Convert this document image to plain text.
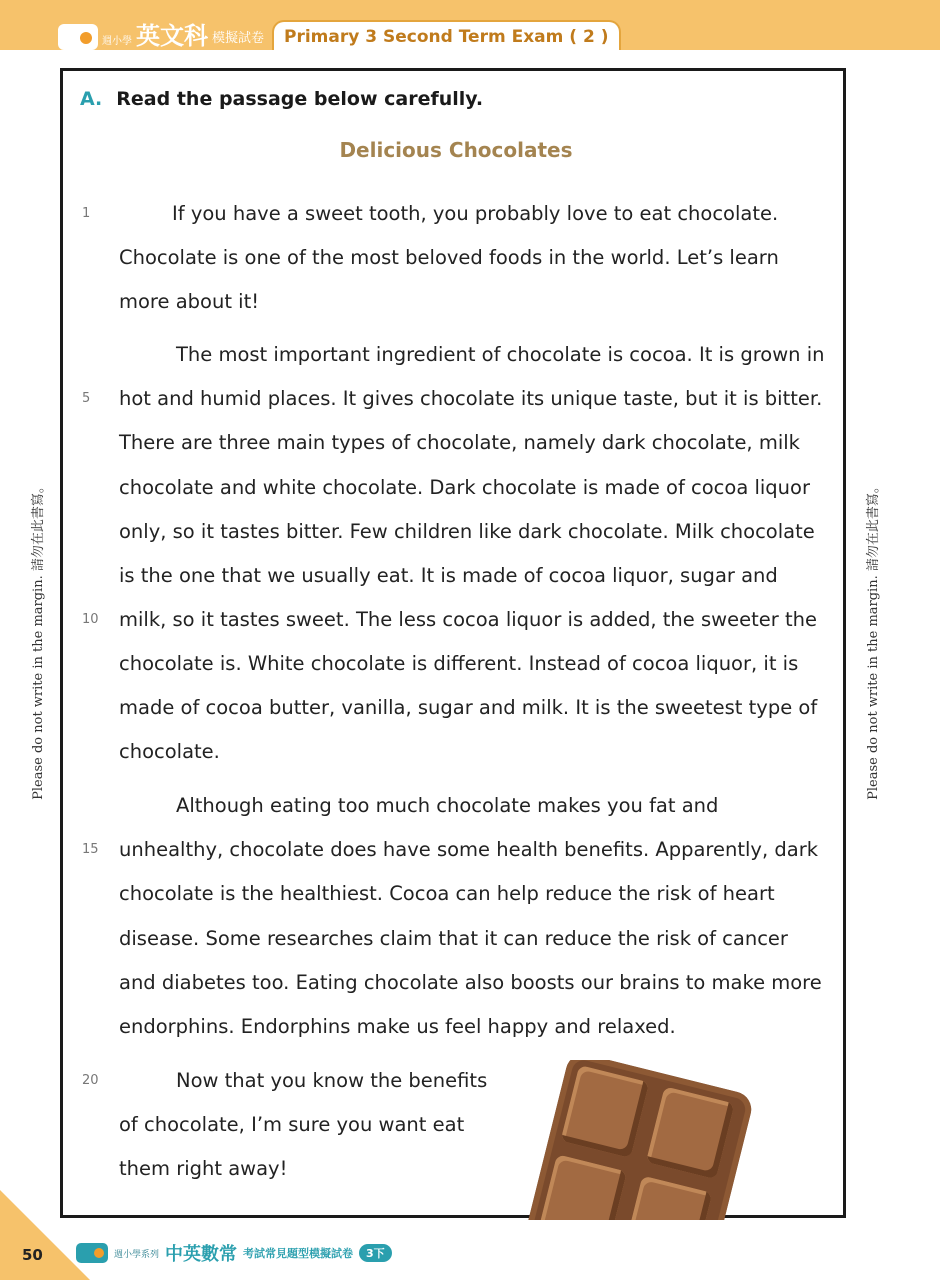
週小學 英文科 模擬試卷	Primary 3 Second Term Exam ( 2 )
Please do not write in the margin. 請勿在此書寫。	Please do not write in the margin. 請勿在此書寫。
A. Read the passage below carefully.
Delicious Chocolates
1
5
10
15
20
If you have a sweet tooth, you probably love to eat chocolate.
Chocolate is one of the most beloved foods in the world. Let’s learn
more about it!
The most important ingredient of chocolate is cocoa. It is grown in
hot and humid places. It gives chocolate its unique taste, but it is bitter.
There are three main types of chocolate, namely dark chocolate, milk
chocolate and white chocolate. Dark chocolate is made of cocoa liquor
only, so it tastes bitter. Few children like dark chocolate. Milk chocolate
is the one that we usually eat. It is made of cocoa liquor, sugar and
milk, so it tastes sweet. The less cocoa liquor is added, the sweeter the
chocolate is. White chocolate is different. Instead of cocoa liquor, it is
made of cocoa butter, vanilla, sugar and milk. It is the sweetest type of
chocolate.
Although eating too much chocolate makes you fat and
unhealthy, chocolate does have some health benefits. Apparently, dark
chocolate is the healthiest. Cocoa can help reduce the risk of heart
disease. Some researches claim that it can reduce the risk of cancer
and diabetes too. Eating chocolate also boosts our brains to make more
endorphins. Endorphins make us feel happy and relaxed.
Now that you know the benefits
of chocolate, I’m sure you want eat
them right away!
50	週小學系列 中英數常 考試常見題型模擬試卷	3下
